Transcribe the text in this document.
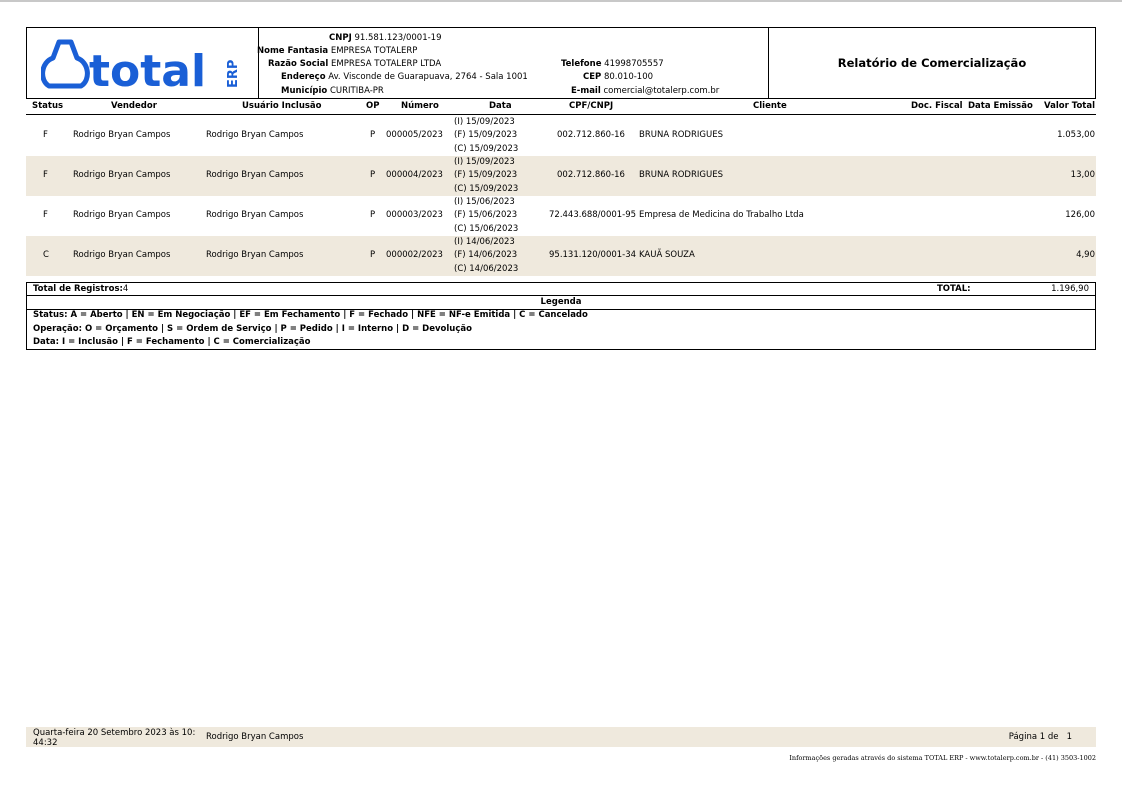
total ERP
CNPJ 91.581.123/0001-19
Nome Fantasia EMPRESA TOTALERP
Razão Social EMPRESA TOTALERP LTDA
Endereço Av. Visconde de Guarapuava, 2764 - Sala 1001
Município CURITIBA-PR
Telefone 41998705557
CEP 80.010-100
E-mail comercial@totalerp.com.br
Relatório de Comercialização
Status	Vendedor	Usuário Inclusão	OP	Número	Data	CPF/CNPJ	Cliente	Doc. Fiscal Data Emissão Valor Total
F	Rodrigo Bryan Campos	Rodrigo Bryan Campos	P 000005/2023
(I) 15/09/2023
(F) 15/09/2023
(C) 15/09/2023
002.712.860-16 BRUNA RODRIGUES	1.053,00
F	Rodrigo Bryan Campos	Rodrigo Bryan Campos	P 000004/2023
(I) 15/09/2023
(F) 15/09/2023
(C) 15/09/2023
002.712.860-16 BRUNA RODRIGUES	13,00
F	Rodrigo Bryan Campos	Rodrigo Bryan Campos	P 000003/2023
(I) 15/06/2023
(F) 15/06/2023
(C) 15/06/2023
72.443.688/0001-95 Empresa de Medicina do Trabalho Ltda	126,00
C	Rodrigo Bryan Campos	Rodrigo Bryan Campos	P 000002/2023
(I) 14/06/2023
(F) 14/06/2023
(C) 14/06/2023
95.131.120/0001-34 KAUÃ SOUZA	4,90
Total de Registros:4	TOTAL:	1.196,90
Legenda
Status: A = Aberto | EN = Em Negociação | EF = Em Fechamento | F = Fechado | NFE = NF-e Emitida | C = Cancelado
Operação: O = Orçamento | S = Ordem de Serviço | P = Pedido | I = Interno | D = Devolução
Data: I = Inclusão | F = Fechamento | C = Comercialização
Quarta-feira 20 Setembro 2023 às 10:
44:32
Rodrigo Bryan Campos	Página 1 de   1
Informações geradas através do sistema TOTAL ERP - www.totalerp.com.br - (41) 3503-1002
